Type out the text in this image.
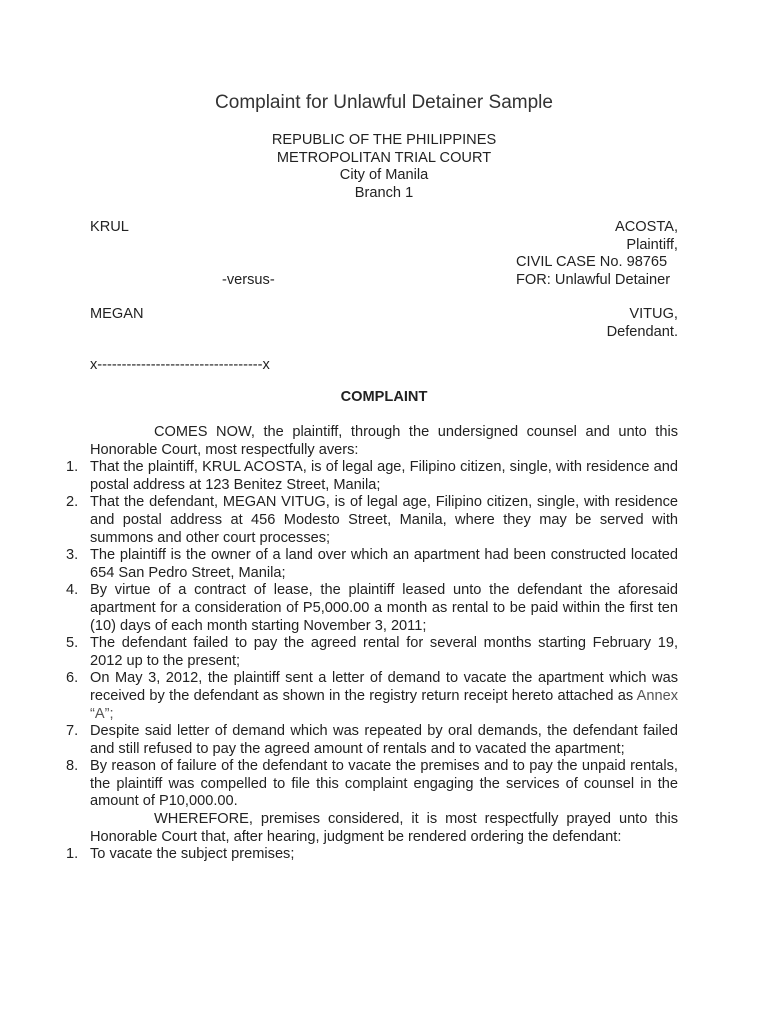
Complaint for Unlawful Detainer Sample
REPUBLIC OF THE PHILIPPINES
METROPOLITAN TRIAL COURT
City of Manila
Branch 1
KRUL	ACOSTA,
Plaintiff,
CIVIL CASE No. 98765
-versus-	FOR: Unlawful Detainer
MEGAN	VITUG,
Defendant.
x----------------------------------x
COMPLAINT
COMES NOW, the plaintiff, through the undersigned counsel and unto this Honorable Court, most respectfully avers:
1. That the plaintiff, KRUL ACOSTA, is of legal age, Filipino citizen, single, with residence and postal address at 123 Benitez Street, Manila;
2. That the defendant, MEGAN VITUG, is of legal age, Filipino citizen, single, with residence and postal address at 456 Modesto Street, Manila, where they may be served with summons and other court processes;
3. The plaintiff is the owner of a land over which an apartment had been constructed located 654 San Pedro Street, Manila;
4. By virtue of a contract of lease, the plaintiff leased unto the defendant the aforesaid apartment for a consideration of P5,000.00 a month as rental to be paid within the first ten (10) days of each month starting November 3, 2011;
5. The defendant failed to pay the agreed rental for several months starting February 19, 2012 up to the present;
6. On May 3, 2012, the plaintiff sent a letter of demand to vacate the apartment which was received by the defendant as shown in the registry return receipt hereto attached as Annex “A”;
7. Despite said letter of demand which was repeated by oral demands, the defendant failed and still refused to pay the agreed amount of rentals and to vacated the apartment;
8. By reason of failure of the defendant to vacate the premises and to pay the unpaid rentals, the plaintiff was compelled to file this complaint engaging the services of counsel in the amount of P10,000.00.
WHEREFORE, premises considered, it is most respectfully prayed unto this Honorable Court that, after hearing, judgment be rendered ordering the defendant:
1. To vacate the subject premises;
